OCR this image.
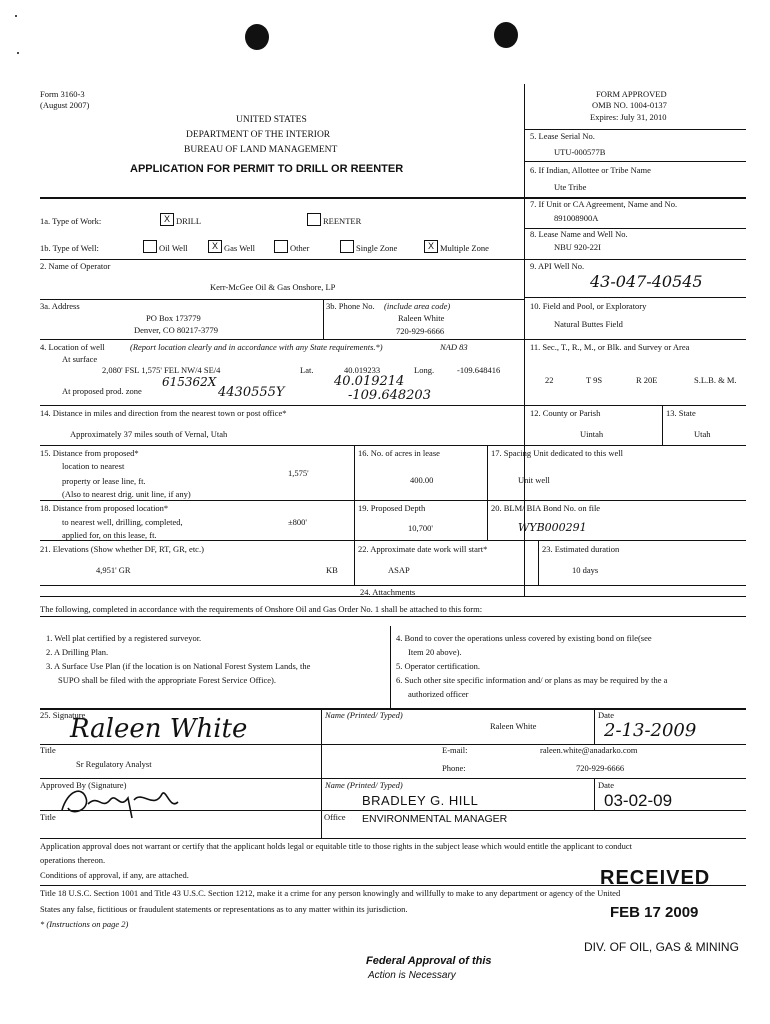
Form 3160-3
(August 2007)
UNITED STATES
DEPARTMENT OF THE INTERIOR
BUREAU OF LAND MANAGEMENT
APPLICATION FOR PERMIT TO DRILL OR REENTER
FORM APPROVED
OMB NO. 1004-0137
Expires: July 31, 2010
5. Lease Serial No.
UTU-000577B
6. If Indian, Allottee or Tribe Name
Ute Tribe
7. If Unit or CA Agreement, Name and No.
891008900A
8. Lease Name and Well No.
NBU 920-22I
9. API Well No.
43-047-40545
10. Field and Pool, or Exploratory
Natural Buttes Field
11. Sec., T., R., M., or Blk. and Survey or Area
22	T 9S	R 20E	S.L.B. & M.
12. County or Parish
Uintah
13. State
Utah
1a. Type of Work:	X DRILL	REENTER
1b. Type of Well:	Oil Well	X Gas Well	Other	Single Zone	X Multiple Zone
2. Name of Operator
Kerr-McGee Oil & Gas Onshore, LP
3a. Address
PO Box 173779
Denver, CO 80217-3779
3b. Phone No. (include area code)
Raleen White
720-929-6666
4. Location of well	(Report location clearly and in accordance with any State requirements.*)	NAD 83
At surface
2,080' FSL 1,575' FEL NW/4 SE/4	Lat.	40.019233	Long.	-109.648416
At proposed prod. zone
615362X
4430555Y
40.019214
-109.648203
14. Distance in miles and direction from the nearest town or post office*
Approximately 37 miles south of Vernal, Utah
15. Distance from proposed*
location to nearest
property or lease line, ft.
(Also to nearest drig. unit line, if any)
1,575'
16. No. of acres in lease
400.00
17. Spacing Unit dedicated to this well
Unit well
18. Distance from proposed location*
to nearest well, drilling, completed,
applied for, on this lease, ft.
±800'
19. Proposed Depth
10,700'
20. BLM/ BIA Bond No. on file
WYB000291
21. Elevations (Show whether DF, RT, GR, etc.)
4,951' GR	KB
22. Approximate date work will start*
ASAP
23. Estimated duration
10 days
24. Attachments
The following, completed in accordance with the requirements of Onshore Oil and Gas Order No. 1 shall be attached to this form:
1. Well plat certified by a registered surveyor.
2. A Drilling Plan.
3. A Surface Use Plan (if the location is on National Forest System Lands, the
SUPO shall be filed with the appropriate Forest Service Office).
4. Bond to cover the operations unless covered by existing bond on file(see
Item 20 above).
5. Operator certification.
6. Such other site specific information and/ or plans as may be required by the a
authorized officer
25. Signature
Raleen White	Name (Printed/ Typed)
Raleen White
Date
2-13-2009
Title
Sr Regulatory Analyst
E-mail:	raleen.white@anadarko.com
Phone:	720-929-6666
Approved By (Signature)	Name (Printed/ Typed)
BRADLEY G. HILL
Date
03-02-09
Title	Office ENVIRONMENTAL MANAGER
Application approval does not warrant or certify that the applicant holds legal or equitable title to those rights in the subject lease which would entitle the applicant to conduct
operations thereon.
Conditions of approval, if any, are attached.
Title 18 U.S.C. Section 1001 and Title 43 U.S.C. Section 1212, make it a crime for any person knowingly and willfully to make to any department or agency of the United
States any false, fictitious or fraudulent statements or representations as to any matter within its jurisdiction.
* (Instructions on page 2)
RECEIVED
FEB 17 2009
DIV. OF OIL, GAS & MINING
Federal Approval of this
Action is Necessary
